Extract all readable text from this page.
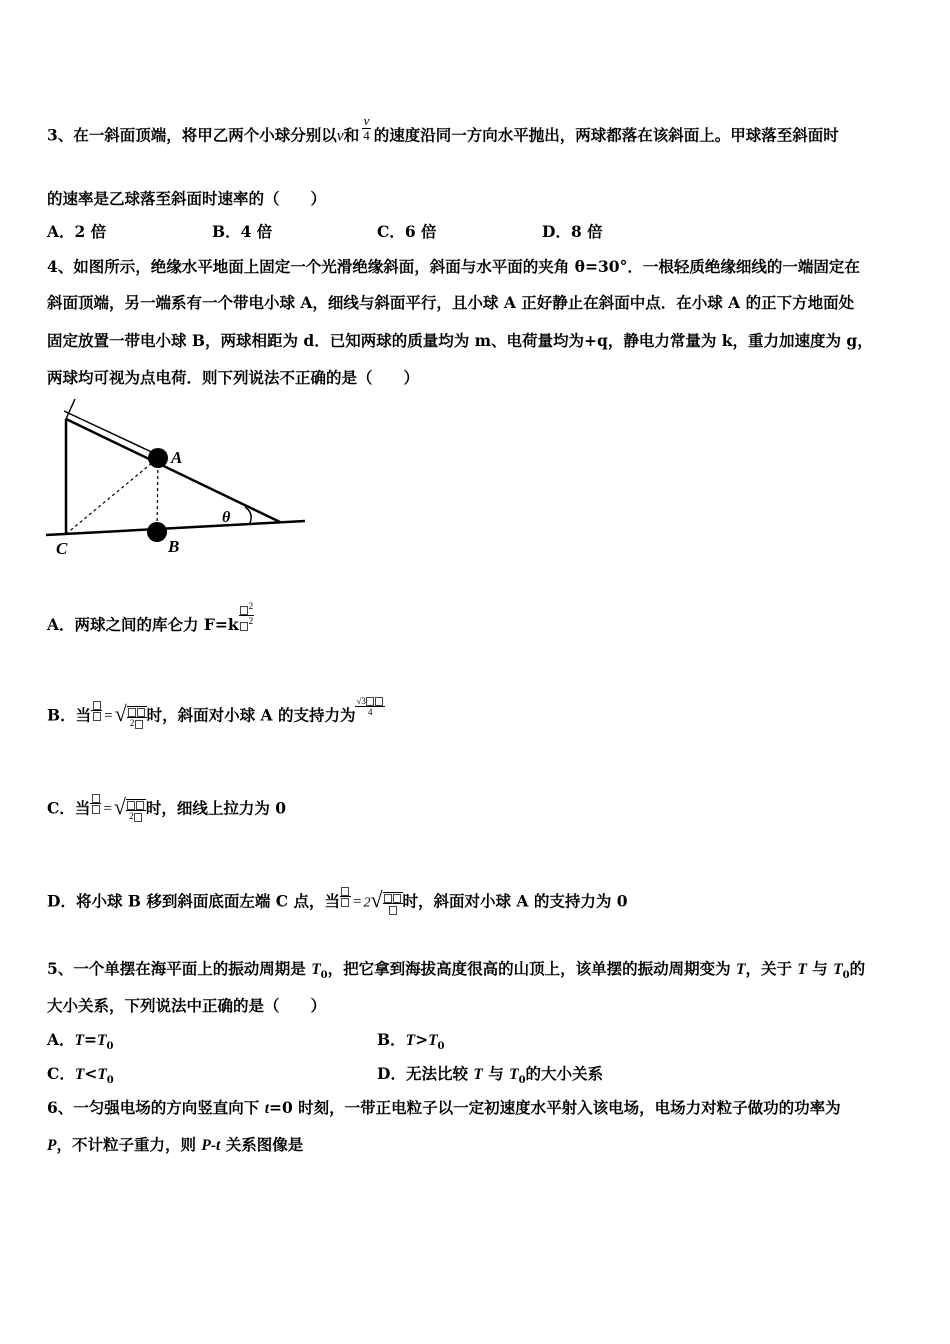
3、在一斜面顶端，将甲乙两个小球分别以v和 $\frac{v}{4}$ 的速度沿同一方向水平抛出，两球都落在该斜面上。甲球落至斜面时
的速率是乙球落至斜面时速率的（　　）
A．2 倍	B．4 倍	C．6 倍	D．8 倍
4、如图所示，绝缘水平地面上固定一个光滑绝缘斜面，斜面与水平面的夹角 θ=30°．一根轻质绝缘细线的一端固定在
斜面顶端，另一端系有一个带电小球 A，细线与斜面平行，且小球 A 正好静止在斜面中点．在小球 A 的正下方地面处
固定放置一带电小球 B，两球相距为 d．已知两球的质量均为 m、电荷量均为+q，静电力常量为 k，重力加速度为 g，
两球均可视为点电荷．则下列说法不正确的是（　　）
A
B
C
θ
A．两球之间的库仑力 $F=k \frac{^2}{^2}$
B．当 =√ 2 时，斜面对小球 A 的支持力为 $\frac{√3}{4}$
C．当 =√ 2 时，细线上拉力为 0
D．将小球 B 移到斜面底面左端 C 点，当 = 2√ 时，斜面对小球 A 的支持力为 0
5、一个单摆在海平面上的振动周期是 $T_0$，把它拿到海拔高度很高的山顶上，该单摆的振动周期变为 T，关于 T 与 $T_0$的
大小关系，下列说法中正确的是（　　）
A．$T=T_0$	B．$T>T_0$
C．$T<T_0$	D．无法比较 T 与 $T_0$的大小关系
6、一匀强电场的方向竖直向下 t=0 时刻，一带正电粒子以一定初速度水平射入该电场，电场力对粒子做功的功率为
P，不计粒子重力，则 P-t 关系图像是
